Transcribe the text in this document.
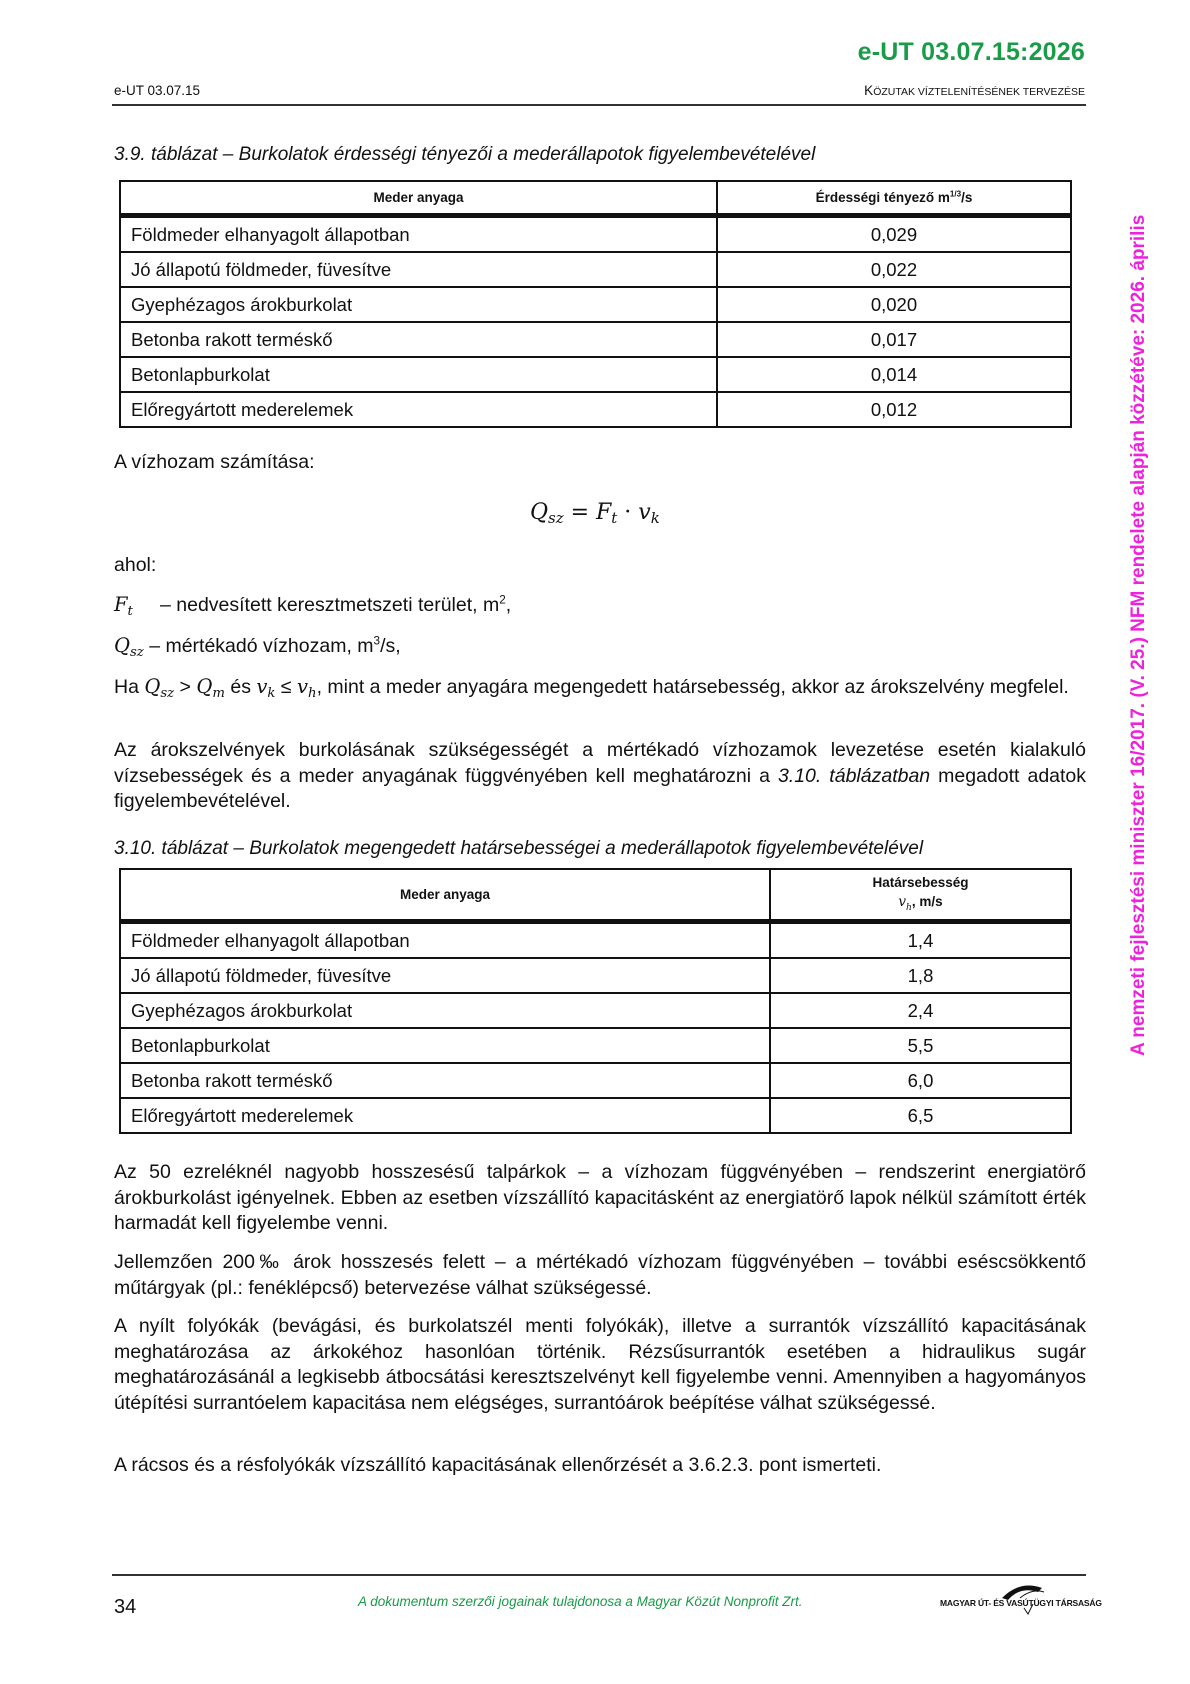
e-UT 03.07.15:2026
e-UT 03.07.15	KÖZUTAK VÍZTELENÍTÉSÉNEK TERVEZÉSE
3.9. táblázat – Burkolatok érdességi tényezői a mederállapotok figyelembevételével
Meder anyaga	Érdességi tényező $m^{1/3}/s$
Földmeder elhanyagolt állapotban	0,029
Jó állapotú földmeder, füvesítve	0,022
Gyephézagos árokburkolat	0,020
Betonba rakott terméskő	0,017
Betonlapburkolat	0,014
Előregyártott mederelemek	0,012
A vízhozam számítása:
$Q_{sz} = F_t \cdot v_k$
ahol:
$F_t$ – nedvesített keresztmetszeti terület, $m^2$,
$Q_{sz}$ – mértékadó vízhozam, $m^3/s$,
Ha $Q_{sz} > Q_m$ és $v_k \le v_h$, mint a meder anyagára megengedett határsebesség, akkor az árokszelvény megfelel.
Az árokszelvények burkolásának szükségességét a mértékadó vízhozamok levezetése esetén kialakuló vízsebességek és a meder anyagának függvényében kell meghatározni a 3.10. táblázatban megadott adatok figyelembevételével.
3.10. táblázat – Burkolatok megengedett határsebességei a mederállapotok figyelembevételével
Meder anyaga	Határsebesség
$v_h$, m/s
Földmeder elhanyagolt állapotban	1,4
Jó állapotú földmeder, füvesítve	1,8
Gyephézagos árokburkolat	2,4
Betonlapburkolat	5,5
Betonba rakott terméskő	6,0
Előregyártott mederelemek	6,5
Az 50 ezreléknél nagyobb hosszesésű talpárkok – a vízhozam függvényében – rendszerint energiatörő árokburkolást igényelnek. Ebben az esetben vízszállító kapacitásként az energiatörő lapok nélkül számított érték harmadát kell figyelembe venni.
Jellemzően 200‰ árok hosszesés felett – a mértékadó vízhozam függvényében – további eséscsökkentő műtárgyak (pl.: fenéklépcső) betervezése válhat szükségessé.
A nyílt folyókák (bevágási, és burkolatszél menti folyókák), illetve a surrantók vízszállító kapacitásának meghatározása az árkokéhoz hasonlóan történik. Rézsűsurrantók esetében a hidraulikus sugár meghatározásánál a legkisebb átbocsátási keresztszelvényt kell figyelembe venni. Amennyiben a hagyományos útépítési surrantóelem kapacitása nem elégséges, surrantóárok beépítése válhat szükségessé.
A rácsos és a résfolyókák vízszállító kapacitásának ellenőrzését a 3.6.2.3. pont ismerteti.
A nemzeti fejlesztési miniszter 16/2017. (V. 25.) NFM rendelete alapján közzétéve: 2026. április
34	A dokumentum szerzői jogainak tulajdonosa a Magyar Közút Nonprofit Zrt.	MAGYAR ÚT- ÉS VASÚTÜGYI TÁRSASÁG
